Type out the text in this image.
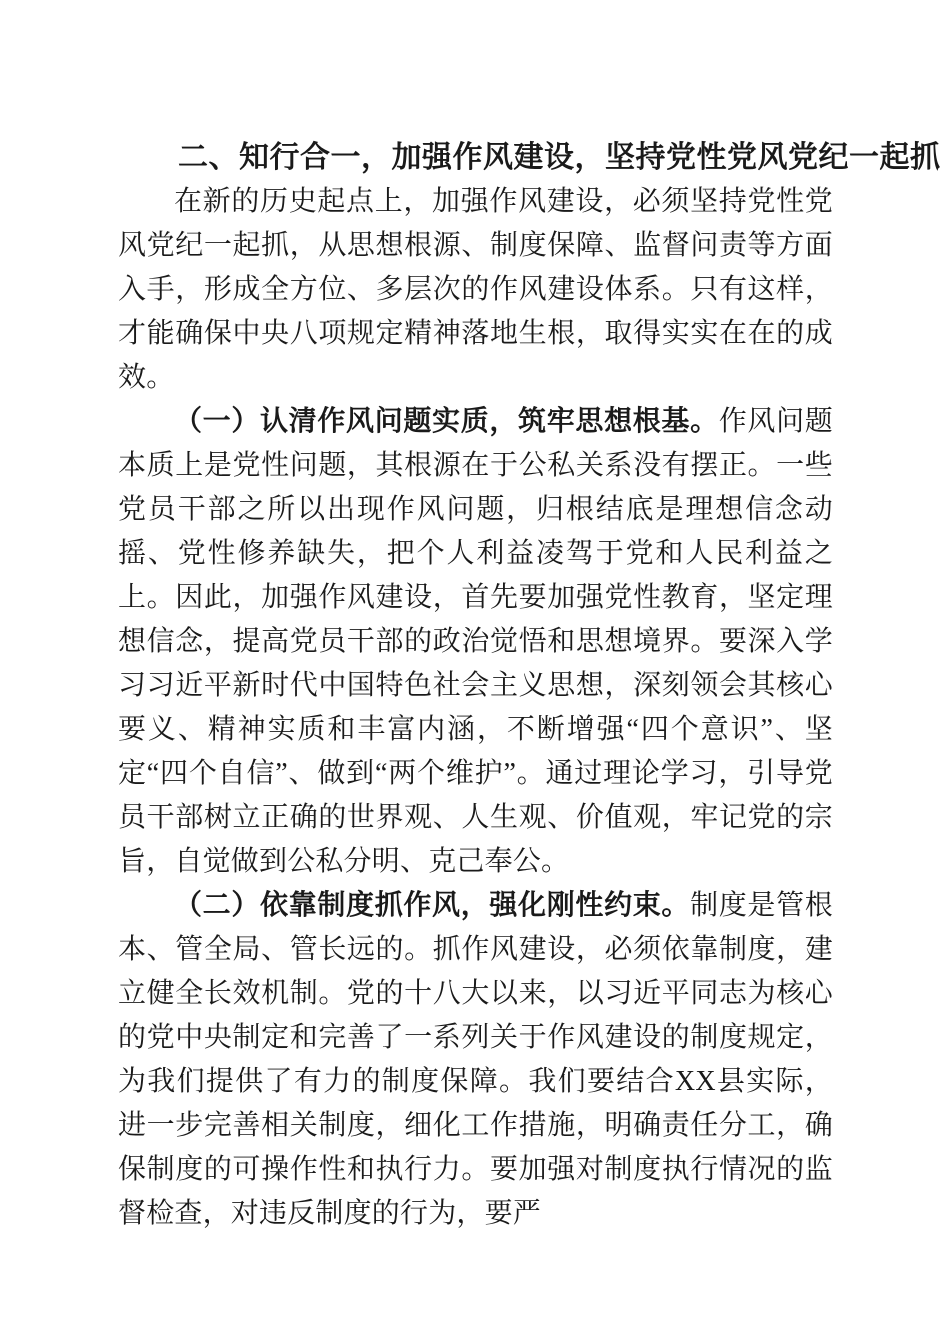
二、知行合一，加强作风建设，坚持党性党风党纪一起抓

在新的历史起点上，加强作风建设，必须坚持党性党风党纪一起抓，从思想根源、制度保障、监督问责等方面入手，形成全方位、多层次的作风建设体系。只有这样，才能确保中央八项规定精神落地生根，取得实实在在的成效。

（一）认清作风问题实质，筑牢思想根基。作风问题本质上是党性问题，其根源在于公私关系没有摆正。一些党员干部之所以出现作风问题，归根结底是理想信念动摇、党性修养缺失，把个人利益凌驾于党和人民利益之上。因此，加强作风建设，首先要加强党性教育，坚定理想信念，提高党员干部的政治觉悟和思想境界。要深入学习习近平新时代中国特色社会主义思想，深刻领会其核心要义、精神实质和丰富内涵，不断增强“四个意识”、坚定“四个自信”、做到“两个维护”。通过理论学习，引导党员干部树立正确的世界观、人生观、价值观，牢记党的宗旨，自觉做到公私分明、克己奉公。

（二）依靠制度抓作风，强化刚性约束。制度是管根本、管全局、管长远的。抓作风建设，必须依靠制度，建立健全长效机制。党的十八大以来，以习近平同志为核心的党中央制定和完善了一系列关于作风建设的制度规定，为我们提供了有力的制度保障。我们要结合XX县实际，进一步完善相关制度，细化工作措施，明确责任分工，确保制度的可操作性和执行力。要加强对制度执行情况的监督检查，对违反制度的行为，要严
